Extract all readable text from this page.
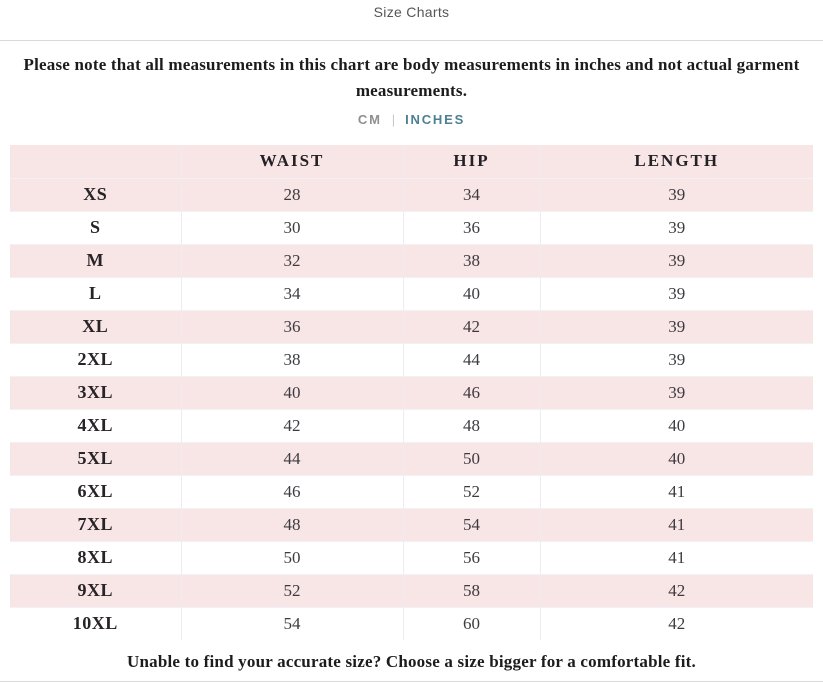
Size Charts
Please note that all measurements in this chart are body measurements in inches and not actual garment measurements.
CM | INCHES
	WAIST	HIP	LENGTH
XS	28	34	39
S	30	36	39
M	32	38	39
L	34	40	39
XL	36	42	39
2XL	38	44	39
3XL	40	46	39
4XL	42	48	40
5XL	44	50	40
6XL	46	52	41
7XL	48	54	41
8XL	50	56	41
9XL	52	58	42
10XL	54	60	42
Unable to find your accurate size? Choose a size bigger for a comfortable fit.
